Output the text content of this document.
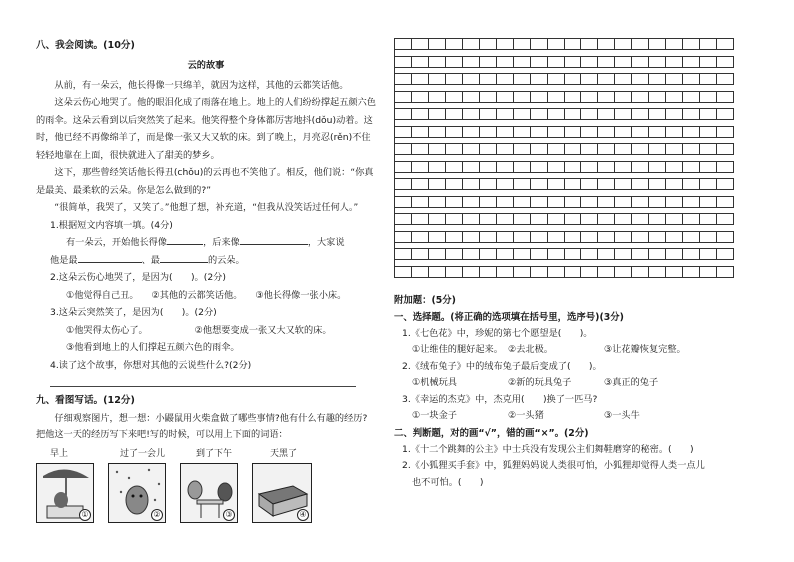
八、我会阅读。(10分)
云的故事
从前，有一朵云，他长得像一只绵羊，就因为这样，其他的云都笑话他。
这朵云伤心地哭了。他的眼泪化成了雨落在地上。地上的人们纷纷撑起五颜六色的雨伞。这朵云看到以后突然笑了起来。他笑得整个身体都厉害地抖(dǒu)动着。这时，他已经不再像绵羊了，而是像一张又大又软的床。到了晚上，月亮忍(rěn)不住轻轻地靠在上面，很快就进入了甜美的梦乡。
这下，那些曾经笑话他长得丑(chǒu)的云再也不笑他了。相反，他们说：“你真是最美、最柔软的云朵。你是怎么做到的?”
“很简单，我哭了，又笑了。”他想了想，补充道，“但我从没笑话过任何人。”
1.根据短文内容填一填。(4分)
有一朵云，开始他长得像	，后来像	，大家说
他是最	、最	的云朵。
2.这朵云伤心地哭了，是因为(　　)。(2分)
①他觉得自己丑。 ②其他的云都笑话他。 ③他长得像一张小床。
3.这朵云突然笑了，是因为(　　)。(2分)
①他哭得太伤心了。	②他想要变成一张又大又软的床。
③他看到地上的人们撑起五颜六色的雨伞。
4.读了这个故事，你想对其他的云说些什么?(2分)
九、看图写话。(12分)
仔细观察图片，想一想：小鼹鼠用火柴盒做了哪些事情?他有什么有趣的经历?把他这一天的经历写下来吧!写的时候，可以用上下面的词语：
早上	过了一会儿	到了下午	天黑了
①	②	③	④
附加题：(5分)
一、选择题。(将正确的选项填在括号里，选序号)(3分)
1.《七色花》中，珍妮的第七个愿望是(　　)。
①让维佳的腿好起来。 ②去北极。	③让花瓣恢复完整。
2.《绒布兔子》中的绒布兔子最后变成了(　　)。
①机械玩具	②新的玩具兔子	③真正的兔子
3.《幸运的杰克》中，杰克用(　　)换了一匹马?
①一块金子	②一头猪	③一头牛
二、判断题，对的画“√”，错的画“×”。(2分)
1.《十二个跳舞的公主》中士兵没有发现公主们舞鞋磨穿的秘密。(　　)
2.《小狐狸买手套》中，狐狸妈妈说人类很可怕，小狐狸却觉得人类一点儿
也不可怕。(　　)
